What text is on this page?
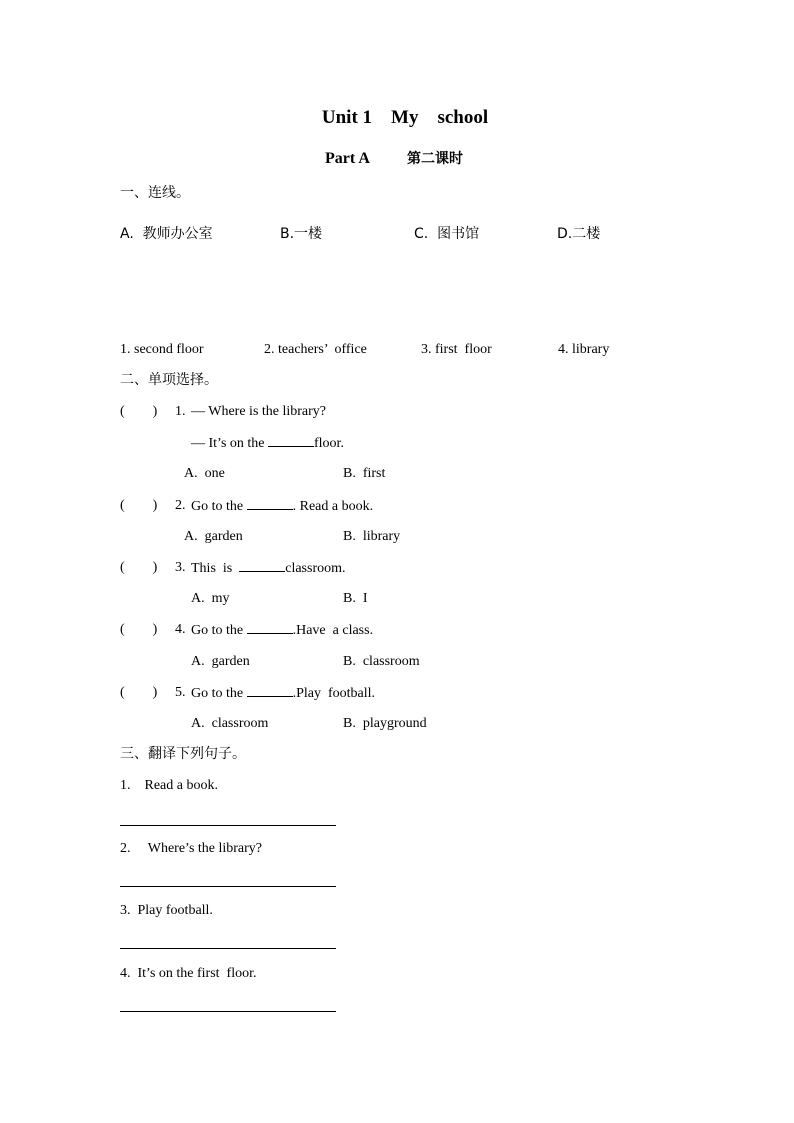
Unit 1    My    school
Part A	第二课时
一、连线。
A.  教师办公室	B.一楼	C.  图书馆	D.二楼
1. second floor	2. teachers’  office	3. first  floor	4. library
二、单项选择。
(        ) 1. — Where is the library?
— It’s on the	floor.
A.  one	B.  first
(        ) 2. Go to the	. Read a book.
A.  garden	B.  library
(        ) 3. This  is	classroom.
A.  my	B.  I
(        ) 4. Go to the	.Have  a class.
A.  garden	B.  classroom
(        ) 5. Go to the	.Play  football.
A.  classroom	B.  playground
三、翻译下列句子。
1.    Read a book.
2.     Where’s the library?
3.  Play football.
4.  It’s on the first  floor.
